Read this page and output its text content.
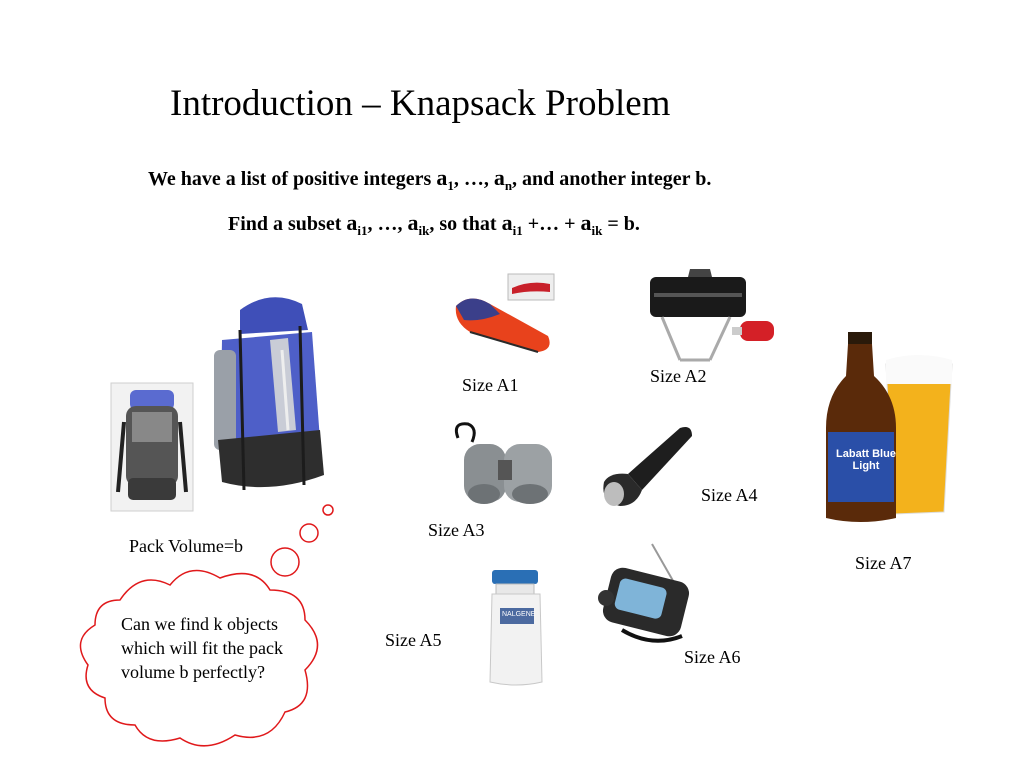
Introduction – Knapsack Problem
We have a list of positive integers $a_1$, …, $a_n$, and another integer b.
Find a subset $a_{i1}$, …, $a_{ik}$, so that $a_{i1}$ +… + $a_{ik} = b$.
NALGENE
Labatt Blue Light
Can we find k objects which will fit the pack volume b perfectly?
Pack Volume=b
Size A1	Size A2
Size A3
Size A4
Size A5
Size A6
Size A7
